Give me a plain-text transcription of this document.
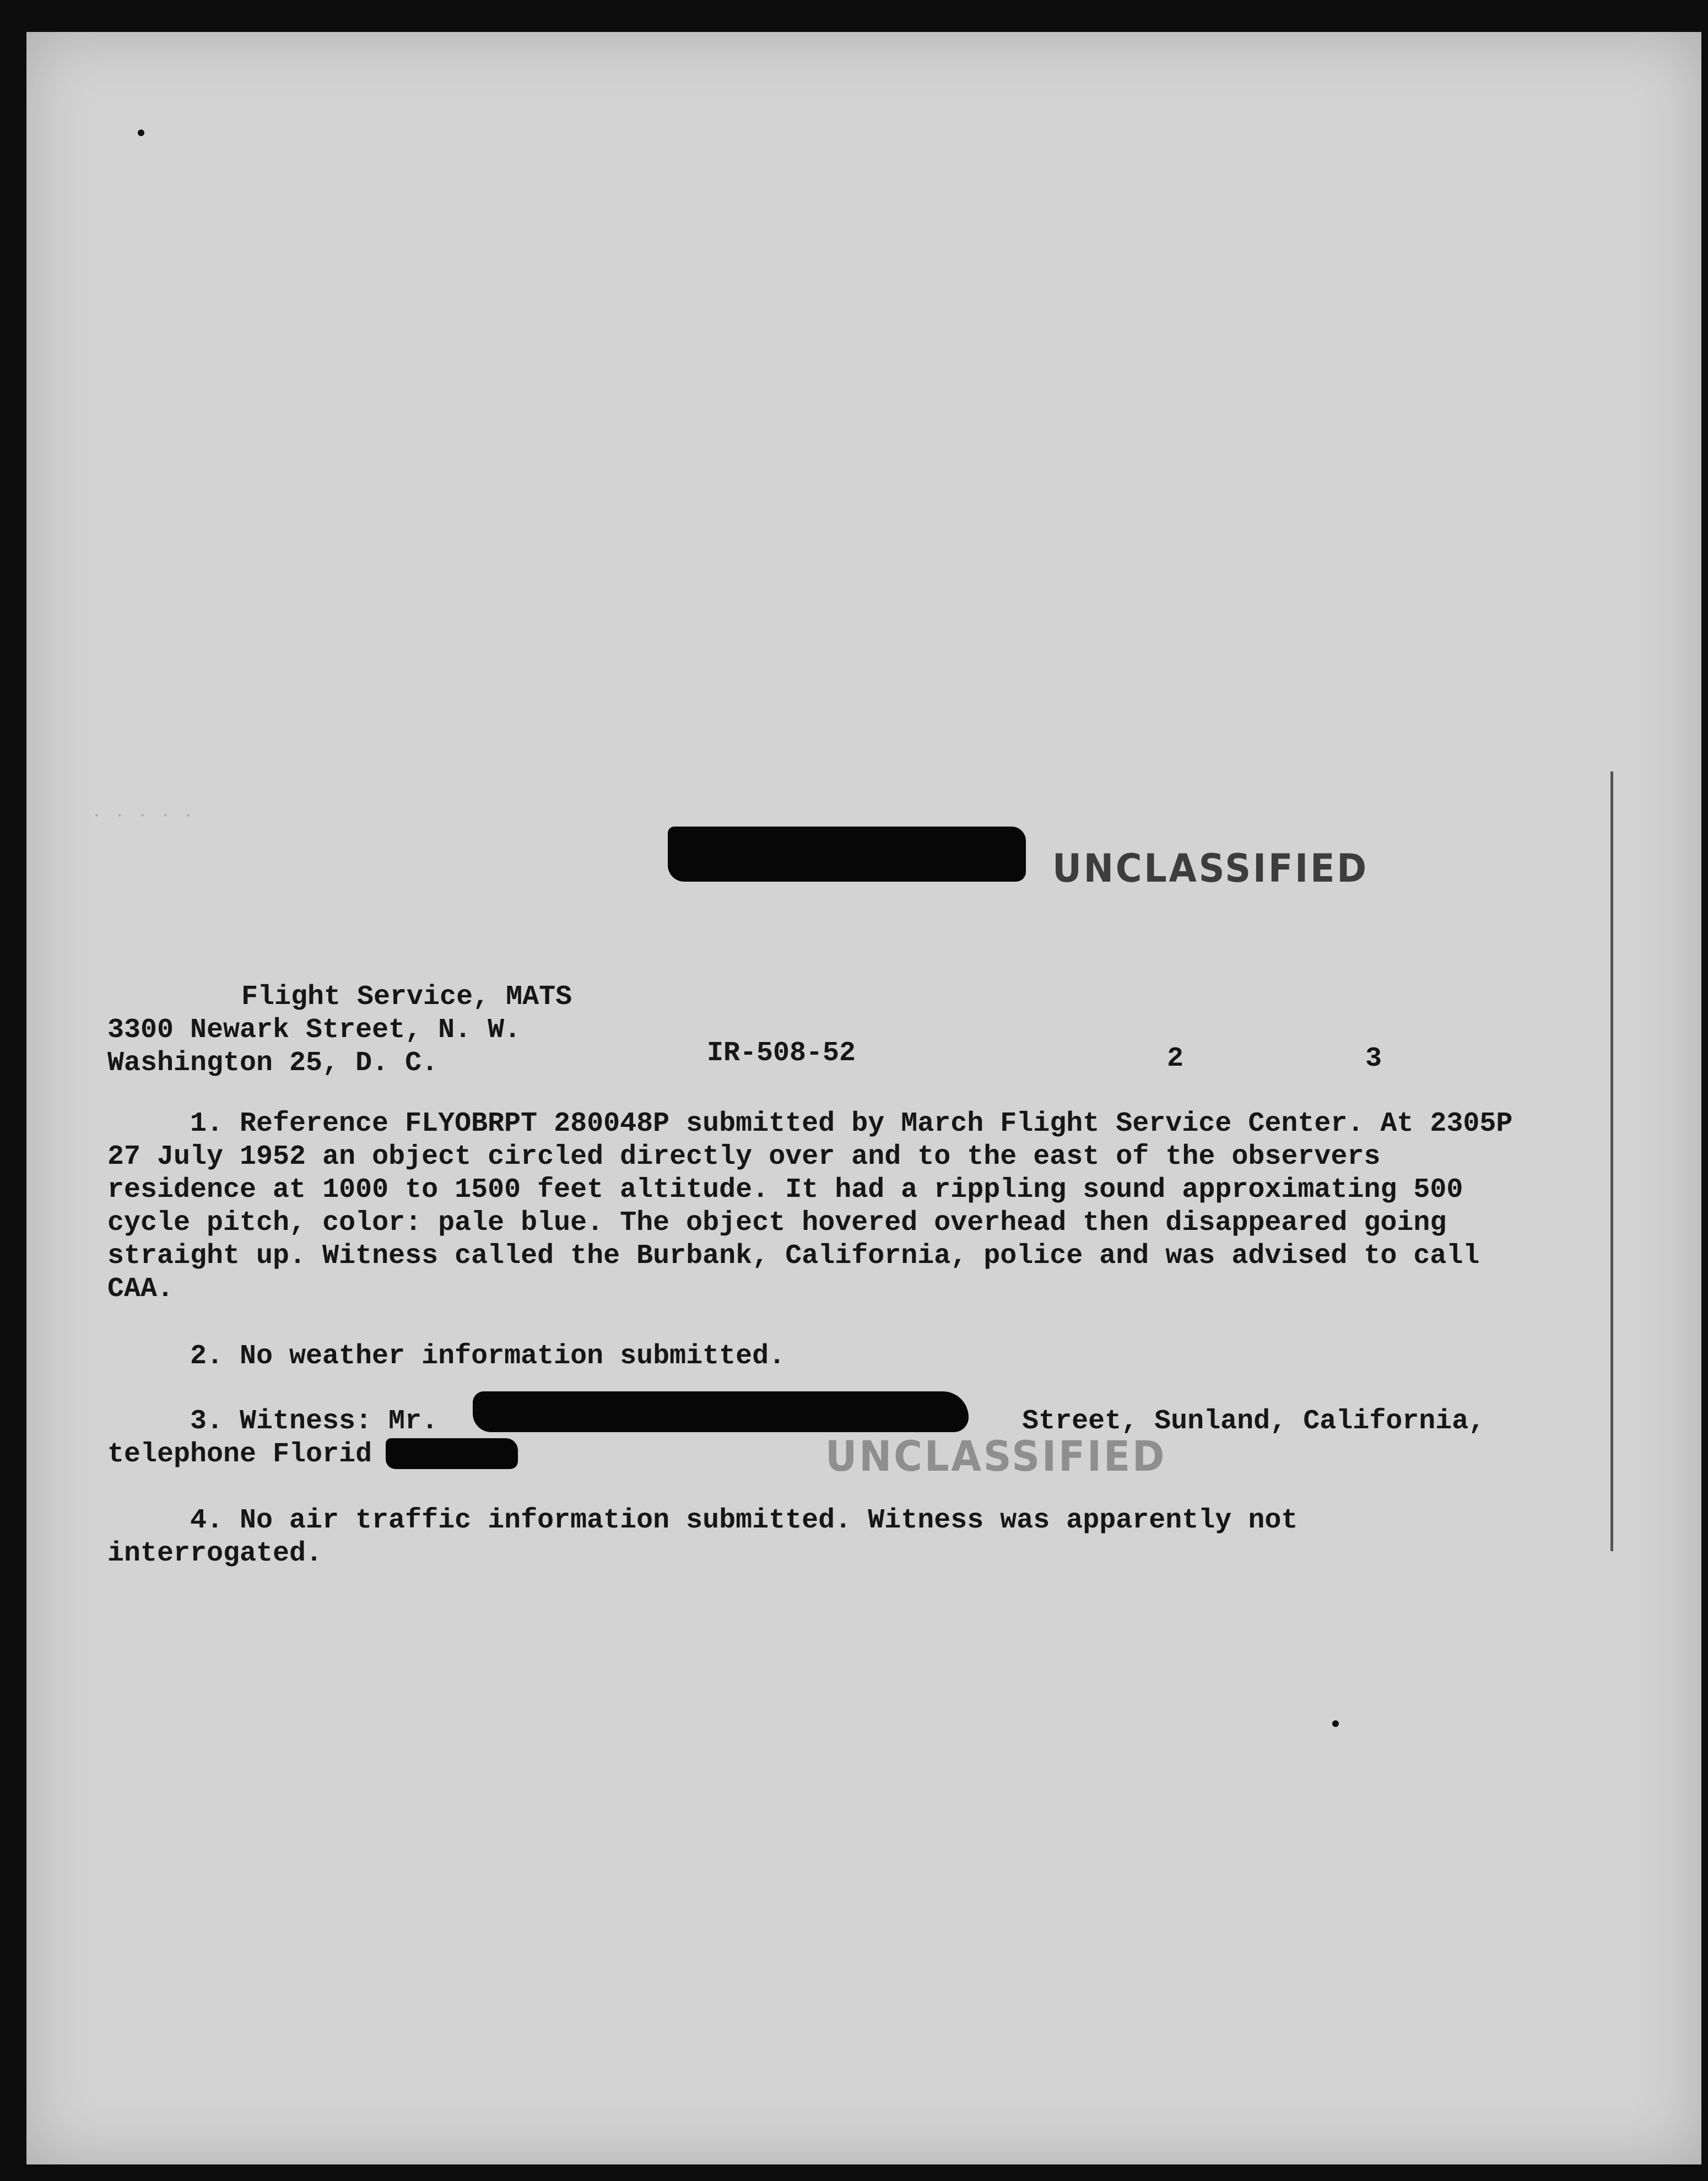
· · · · ·
UNCLASSIFIED
Flight Service, MATS
3300 Newark Street, N. W.
Washington 25, D. C.	IR-508-52	2	3
1. Reference FLYOBRPT 280048P submitted by March Flight Service Center. At 2305P 27 July 1952 an object circled directly over and to the east of the observers residence at 1000 to 1500 feet altitude. It had a rippling sound approximating 500 cycle pitch, color: pale blue. The object hovered overhead then disappeared going straight up. Witness called the Burbank, California, police and was advised to call CAA.
2. No weather information submitted.
3. Witness: Mr.	Street, Sunland, California,
telephone Florid	UNCLASSIFIED
4. No air traffic information submitted. Witness was apparently not interrogated.
